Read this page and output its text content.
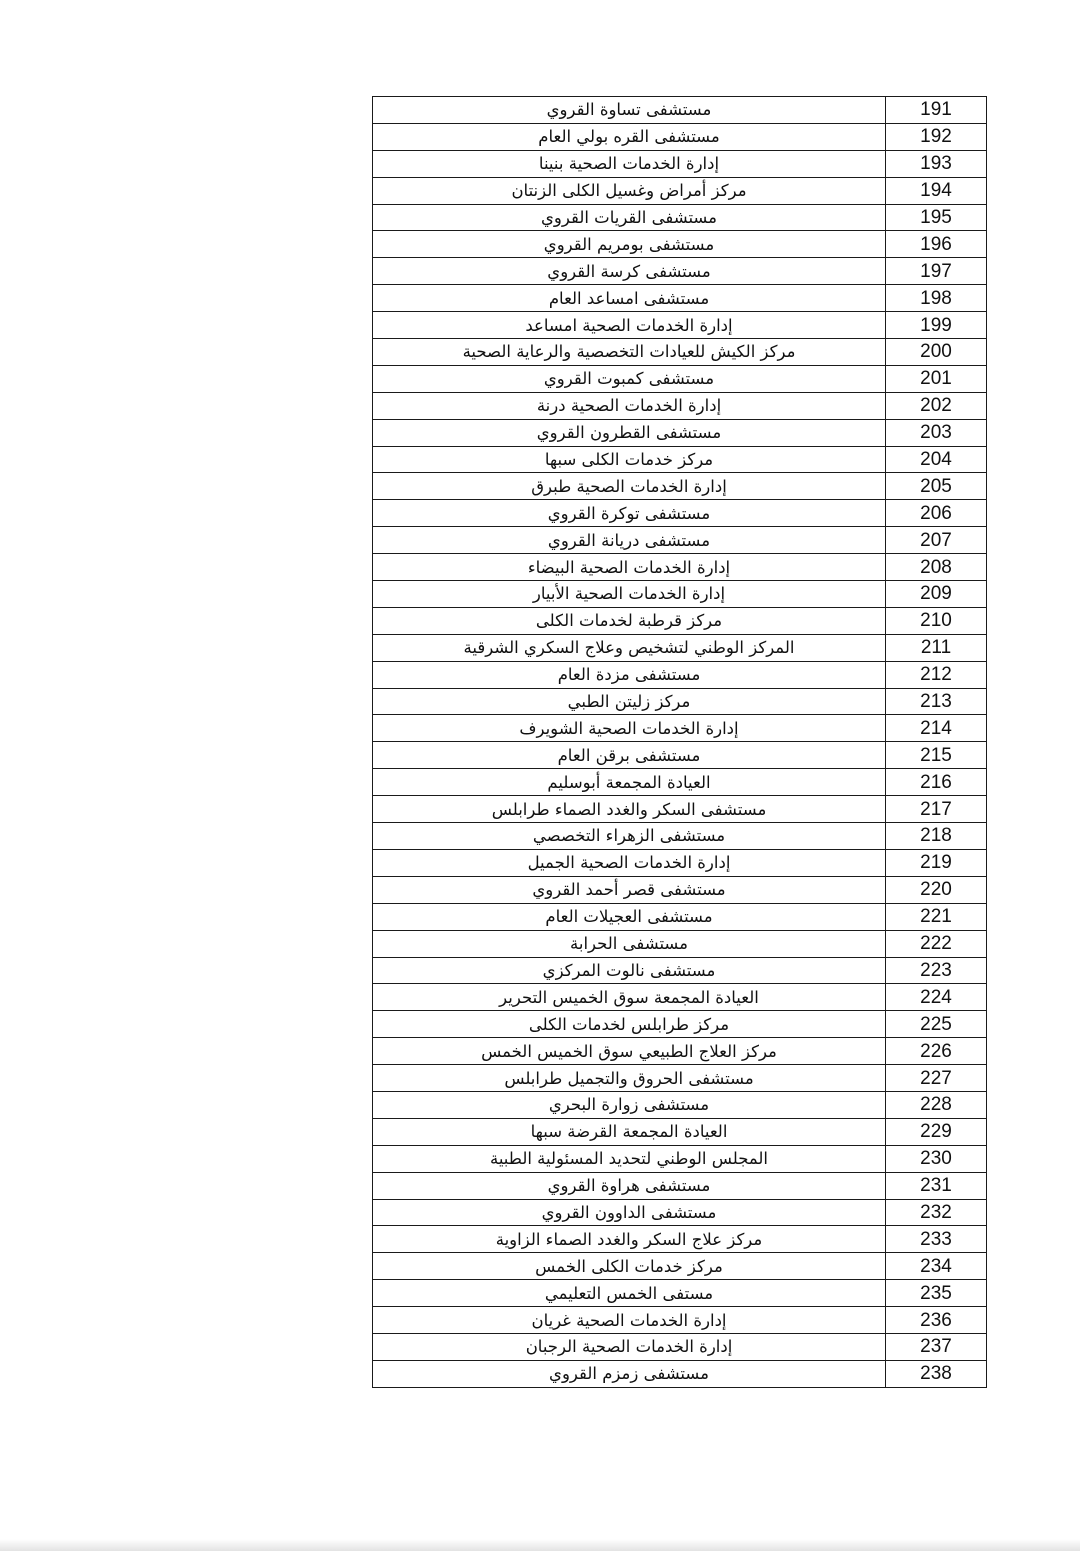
191	مستشفى تساوة القروي
192	مستشفى القره بولي العام
193	إدارة الخدمات الصحية بنينا
194	مركز أمراض وغسيل الكلى الزنتان
195	مستشفى القريات القروي
196	مستشفى بومريم القروي
197	مستشفى كرسة القروي
198	مستشفى امساعد العام
199	إدارة الخدمات الصحية امساعد
200	مركز الكيش للعيادات التخصصية والرعاية الصحية
201	مستشفى كمبوت القروي
202	إدارة الخدمات الصحية درنة
203	مستشفى القطرون القروي
204	مركز خدمات الكلى سبها
205	إدارة الخدمات الصحية طبرق
206	مستشفى توكرة القروي
207	مستشفى دريانة القروي
208	إدارة الخدمات الصحية البيضاء
209	إدارة الخدمات الصحية الأبيار
210	مركز قرطبة لخدمات الكلى
211	المركز الوطني لتشخيص وعلاج السكري الشرقية
212	مستشفى مزدة العام
213	مركز زليتن الطبي
214	إدارة الخدمات الصحية الشويرف
215	مستشفى برقن العام
216	العيادة المجمعة أبوسليم
217	مستشفى السكر والغدد الصماء طرابلس
218	مستشفى الزهراء التخصصي
219	إدارة الخدمات الصحية الجميل
220	مستشفى قصر أحمد القروي
221	مستشفى العجيلات العام
222	مستشفى الحرابة
223	مستشفى نالوت المركزي
224	العيادة المجمعة سوق الخميس التحرير
225	مركز طرابلس لخدمات الكلى
226	مركز العلاج الطبيعي سوق الخميس الخمس
227	مستشفى الحروق والتجميل طرابلس
228	مستشفى زوارة البحري
229	العيادة المجمعة القرضة سبها
230	المجلس الوطني لتحديد المسئولية الطبية
231	مستشفى هراوة القروي
232	مستشفى الداوون القروي
233	مركز علاج السكر والغدد الصماء الزاوية
234	مركز خدمات الكلى الخمس
235	مستفى الخمس التعليمي
236	إدارة الخدمات الصحية غريان
237	إدارة الخدمات الصحية الرجبان
238	مستشفى زمزم القروي
